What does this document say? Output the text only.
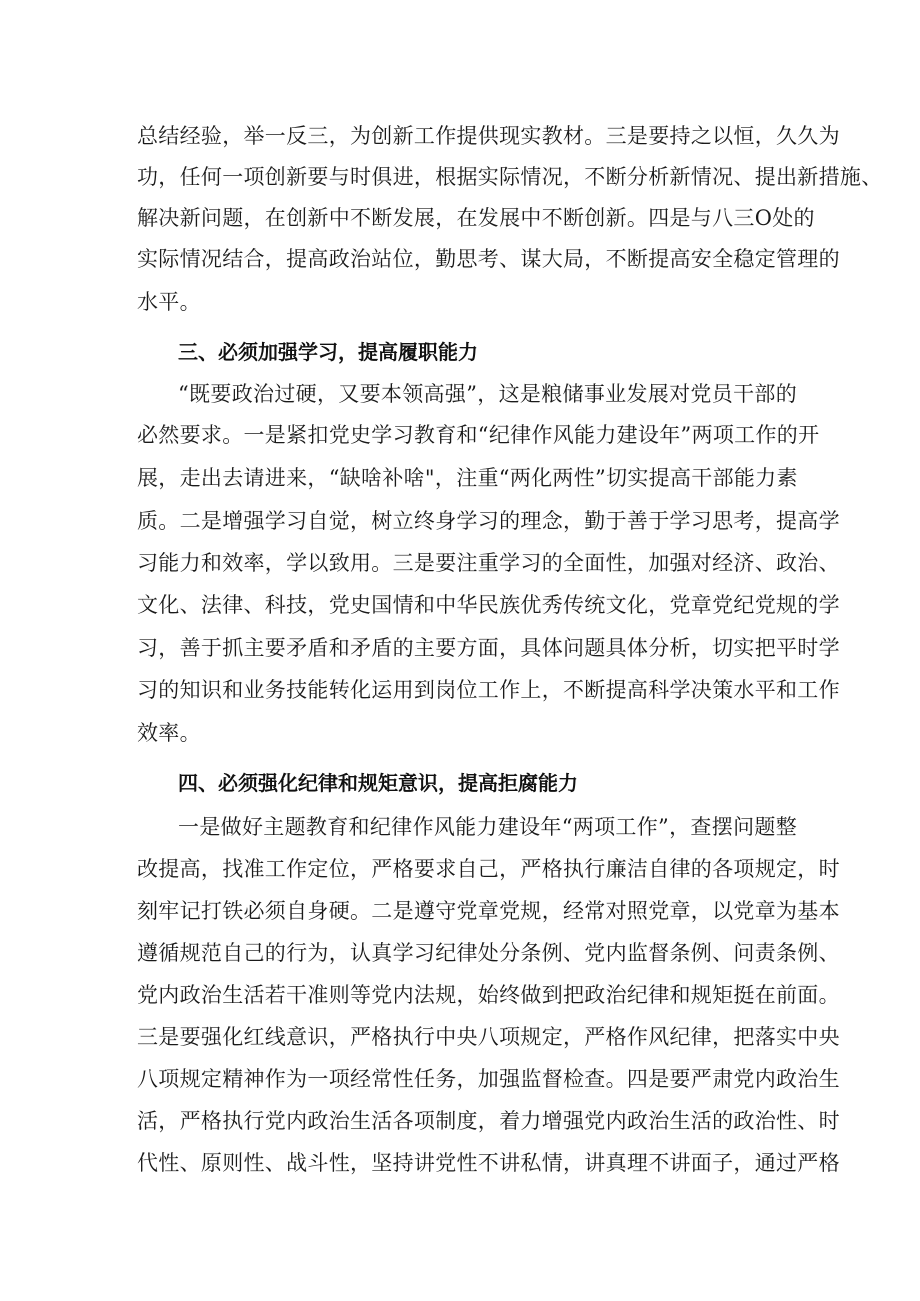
总结经验，举一反三，为创新工作提供现实教材。三是要持之以恒，久久为
功，任何一项创新要与时俱进，根据实际情况，不断分析新情况、提出新措施、
解决新问题，在创新中不断发展，在发展中不断创新。四是与八三O处的
实际情况结合，提高政治站位，勤思考、谋大局，不断提高安全稳定管理的
水平。
三、必须加强学习，提高履职能力
“既要政治过硬，又要本领高强”，这是粮储事业发展对党员干部的
必然要求。一是紧扣党史学习教育和“纪律作风能力建设年”两项工作的开
展，走出去请进来，“缺啥补啥"，注重“两化两性”切实提高干部能力素
质。二是增强学习自觉，树立终身学习的理念，勤于善于学习思考，提高学
习能力和效率，学以致用。三是要注重学习的全面性，加强对经济、政治、
文化、法律、科技，党史国情和中华民族优秀传统文化，党章党纪党规的学
习，善于抓主要矛盾和矛盾的主要方面，具体问题具体分析，切实把平时学
习的知识和业务技能转化运用到岗位工作上，不断提高科学决策水平和工作
效率。
四、必须强化纪律和规矩意识，提高拒腐能力
一是做好主题教育和纪律作风能力建设年“两项工作”，查摆问题整
改提高，找准工作定位，严格要求自己，严格执行廉洁自律的各项规定，时
刻牢记打铁必须自身硬。二是遵守党章党规，经常对照党章，以党章为基本
遵循规范自己的行为，认真学习纪律处分条例、党内监督条例、问责条例、
党内政治生活若干准则等党内法规，始终做到把政治纪律和规矩挺在前面。
三是要强化红线意识，严格执行中央八项规定，严格作风纪律，把落实中央
八项规定精神作为一项经常性任务，加强监督检查。四是要严肃党内政治生
活，严格执行党内政治生活各项制度，着力增强党内政治生活的政治性、时
代性、原则性、战斗性，坚持讲党性不讲私情，讲真理不讲面子，通过严格
